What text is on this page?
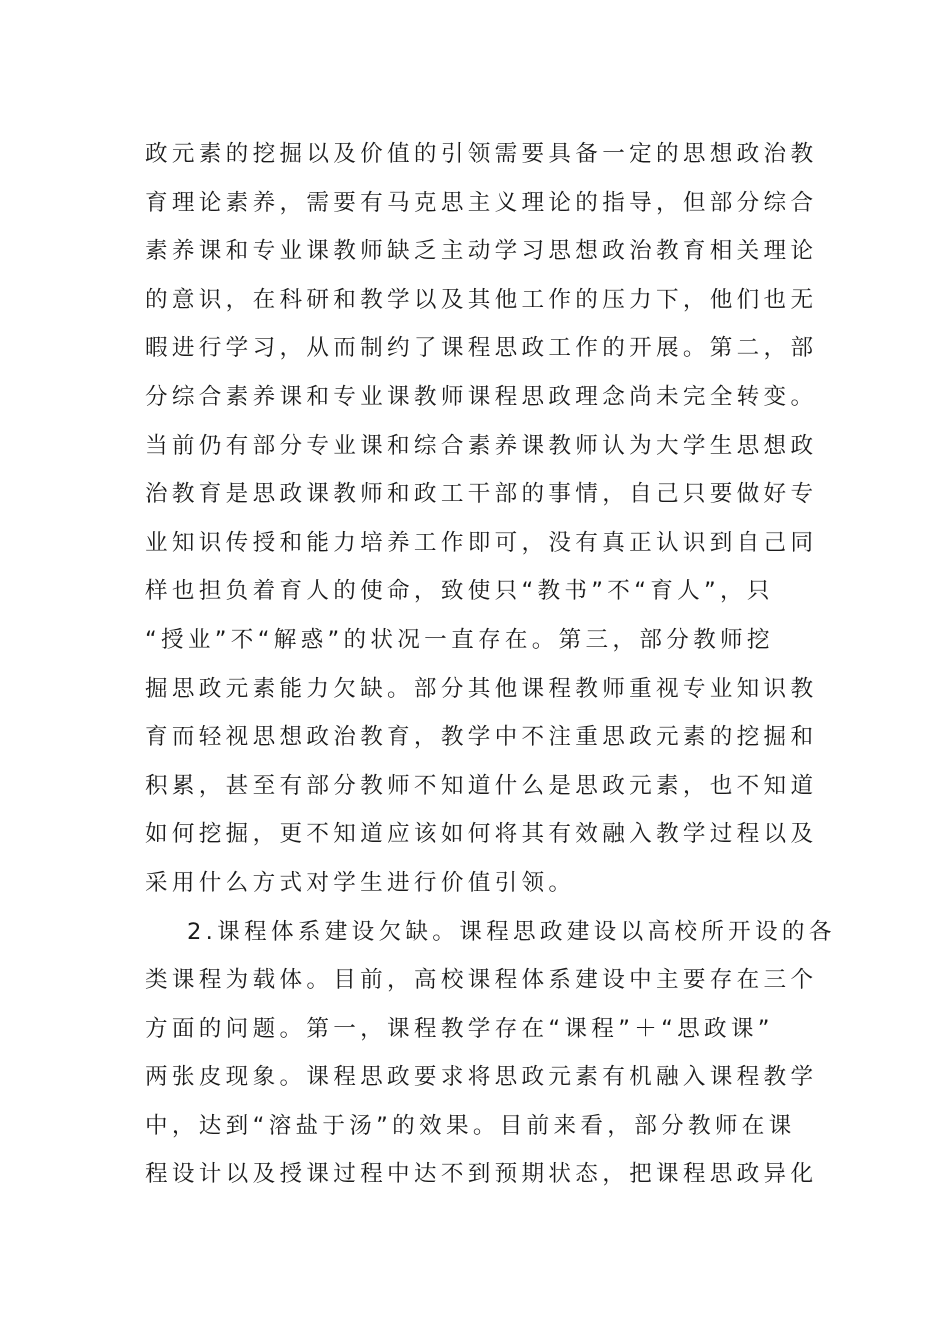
政元素的挖掘以及价值的引领需要具备一定的思想政治教
育理论素养，需要有马克思主义理论的指导，但部分综合
素养课和专业课教师缺乏主动学习思想政治教育相关理论
的意识，在科研和教学以及其他工作的压力下，他们也无
暇进行学习，从而制约了课程思政工作的开展。第二，部
分综合素养课和专业课教师课程思政理念尚未完全转变。
当前仍有部分专业课和综合素养课教师认为大学生思想政
治教育是思政课教师和政工干部的事情，自己只要做好专
业知识传授和能力培养工作即可，没有真正认识到自己同
样也担负着育人的使命，致使只“教书”不“育人”，只
“授业”不“解惑”的状况一直存在。第三，部分教师挖
掘思政元素能力欠缺。部分其他课程教师重视专业知识教
育而轻视思想政治教育，教学中不注重思政元素的挖掘和
积累，甚至有部分教师不知道什么是思政元素，也不知道
如何挖掘，更不知道应该如何将其有效融入教学过程以及
采用什么方式对学生进行价值引领。
2.课程体系建设欠缺。课程思政建设以高校所开设的各
类课程为载体。目前，高校课程体系建设中主要存在三个
方面的问题。第一，课程教学存在“课程”＋“思政课”
两张皮现象。课程思政要求将思政元素有机融入课程教学
中，达到“溶盐于汤”的效果。目前来看，部分教师在课
程设计以及授课过程中达不到预期状态，把课程思政异化
